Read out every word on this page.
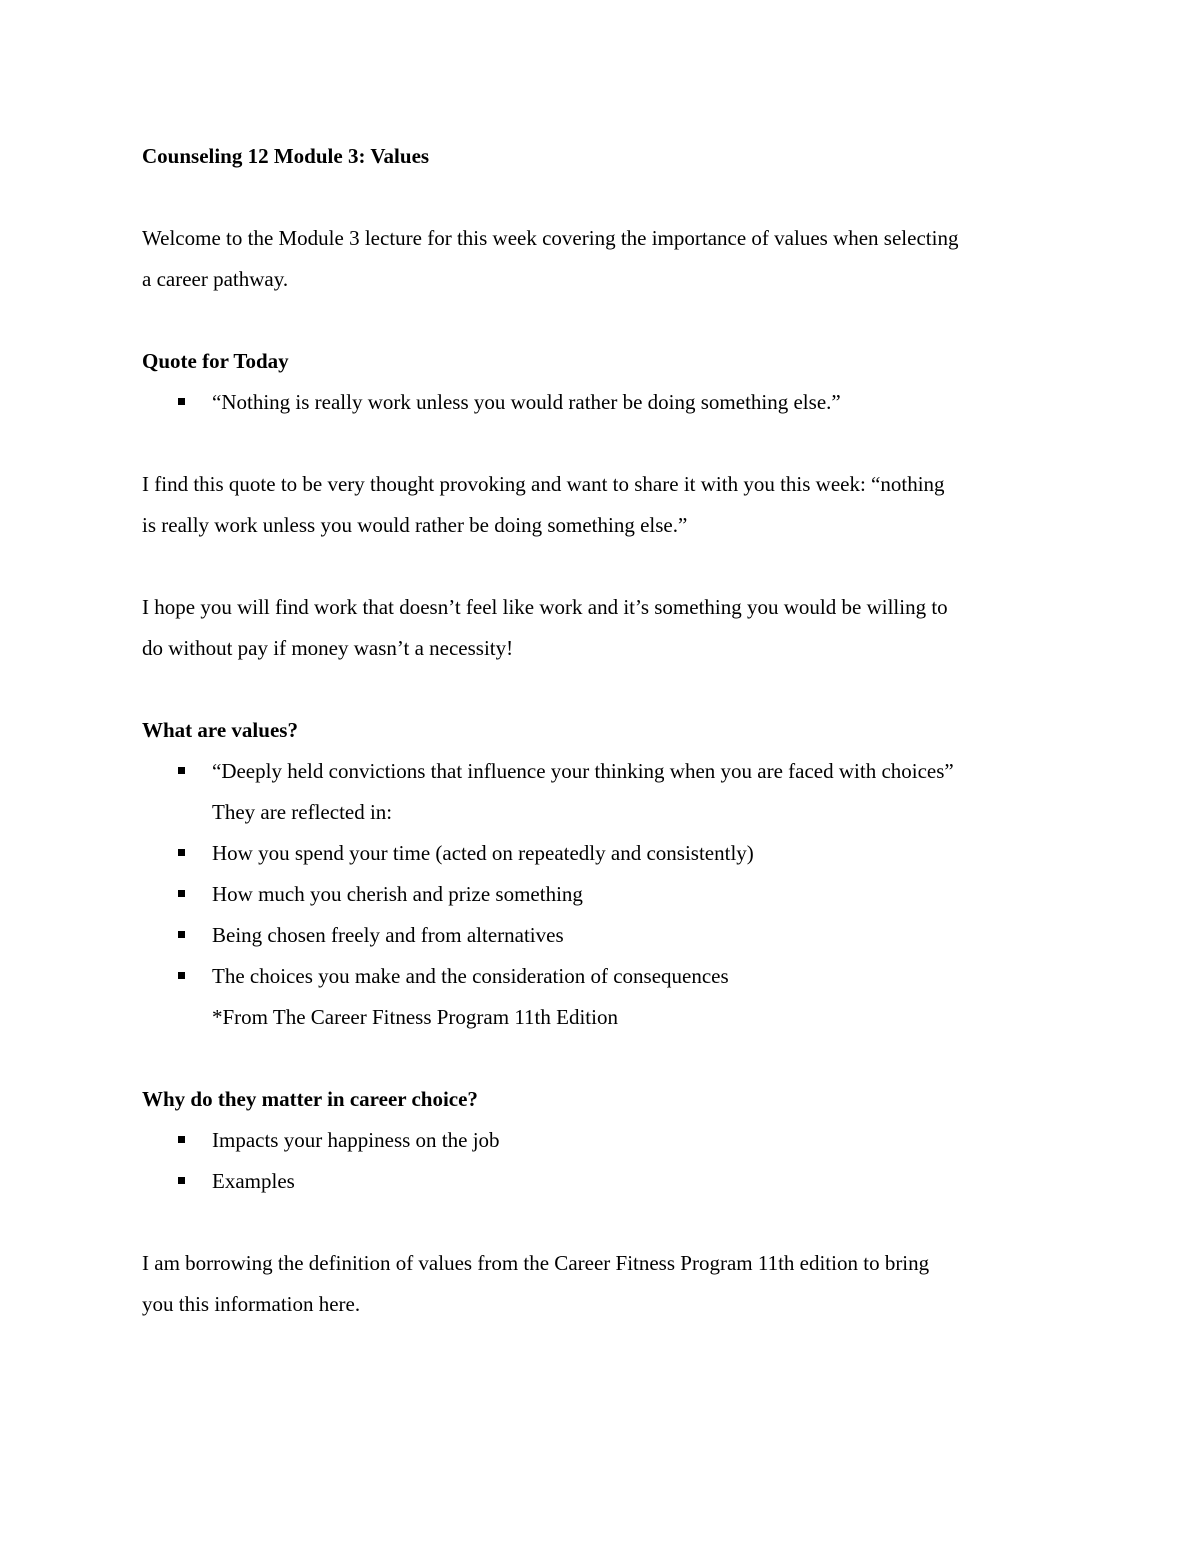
Counseling 12 Module 3: Values

Welcome to the Module 3 lecture for this week covering the importance of values when selecting

a career pathway.

Quote for Today

“Nothing is really work unless you would rather be doing something else.”

I find this quote to be very thought provoking and want to share it with you this week: “nothing

is really work unless you would rather be doing something else.”

I hope you will find work that doesn’t feel like work and it’s something you would be willing to

do without pay if money wasn’t a necessity!

What are values?

“Deeply held convictions that influence your thinking when you are faced with choices”

They are reflected in:

How you spend your time (acted on repeatedly and consistently)

How much you cherish and prize something

Being chosen freely and from alternatives

The choices you make and the consideration of consequences

*From The Career Fitness Program 11th Edition

Why do they matter in career choice?

Impacts your happiness on the job

Examples

I am borrowing the definition of values from the Career Fitness Program 11th edition to bring

you this information here.
